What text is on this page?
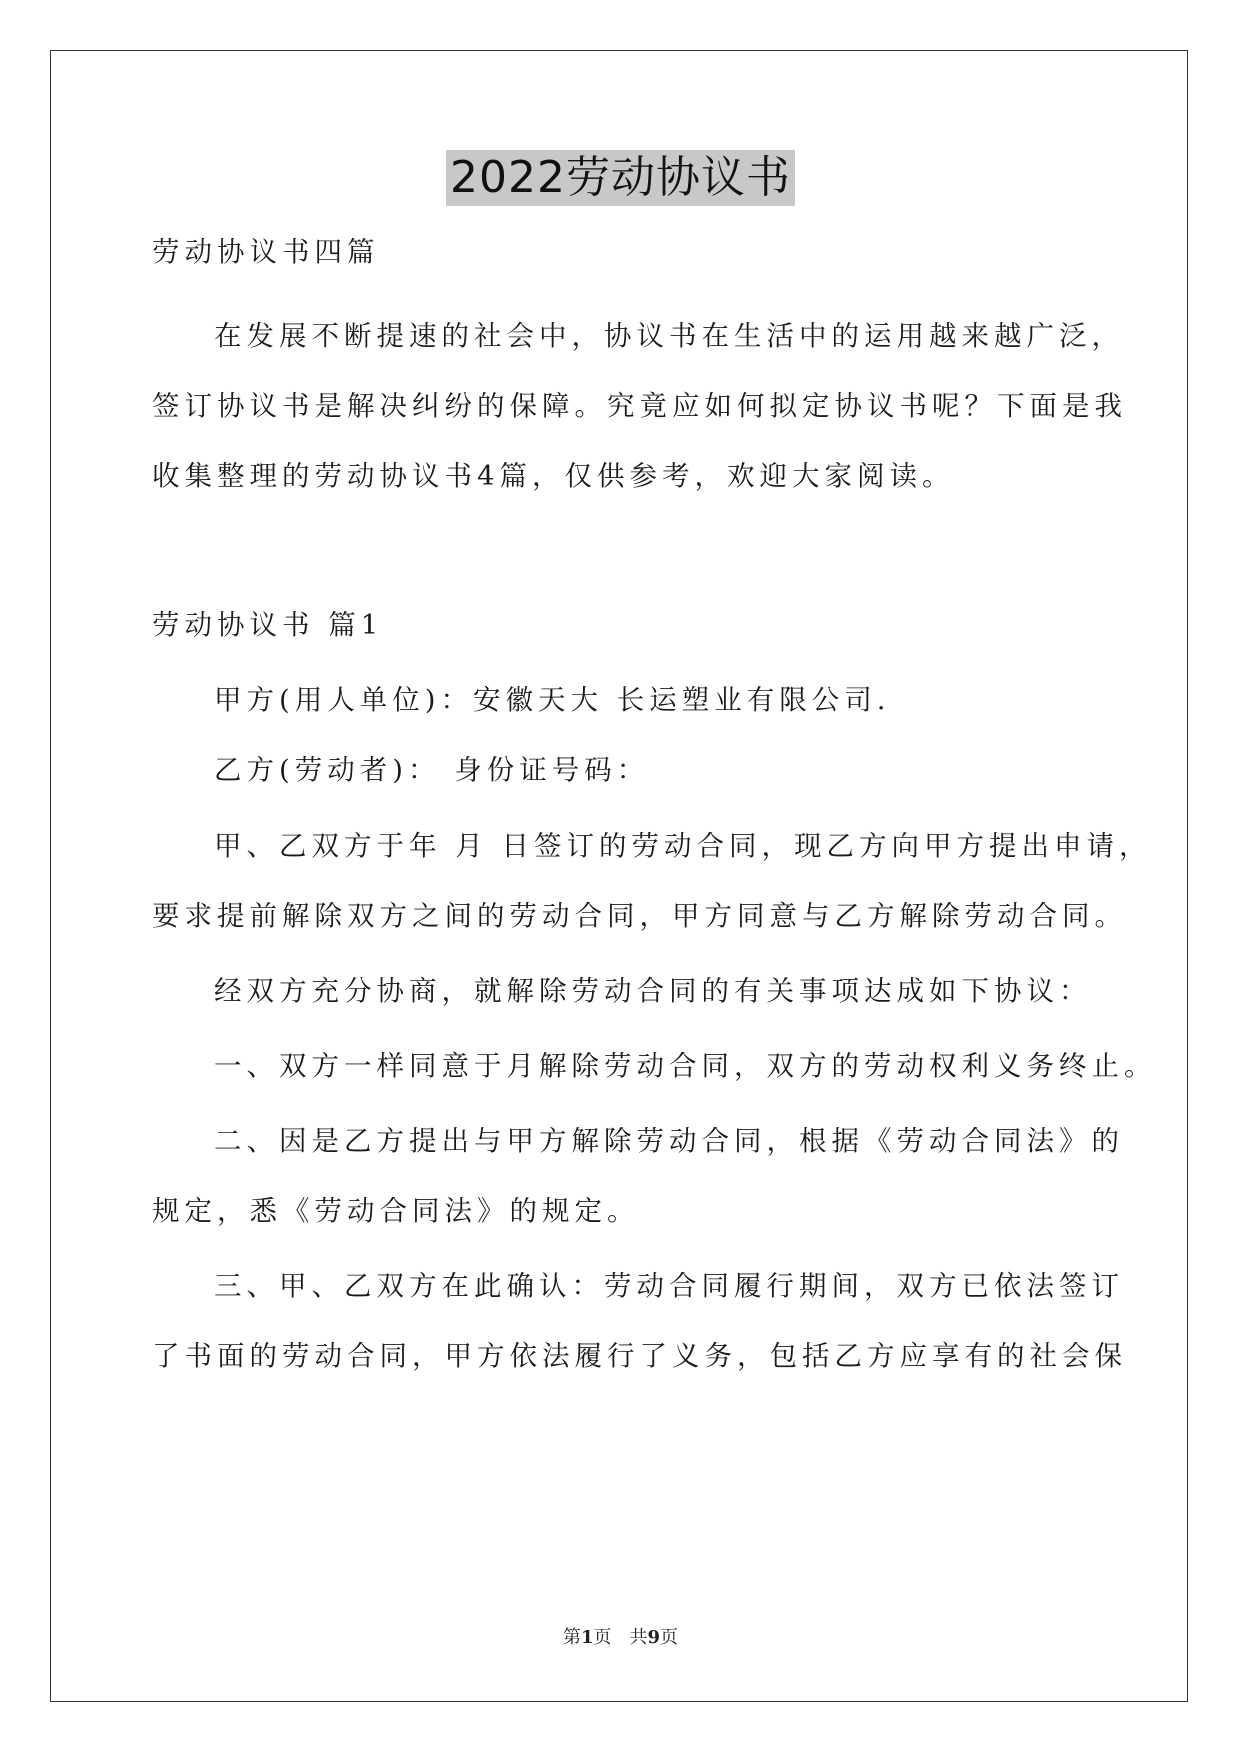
2022劳动协议书

劳动协议书四篇

在发展不断提速的社会中，协议书在生活中的运用越来越广泛，

签订协议书是解决纠纷的保障。究竟应如何拟定协议书呢？下面是我

收集整理的劳动协议书4篇，仅供参考，欢迎大家阅读。

劳动协议书 篇1

甲方(用人单位)：安徽天大 长运塑业有限公司.

乙方(劳动者)： 身份证号码：

甲、乙双方于年 月 日签订的劳动合同，现乙方向甲方提出申请，

要求提前解除双方之间的劳动合同，甲方同意与乙方解除劳动合同。

经双方充分协商，就解除劳动合同的有关事项达成如下协议：

一、双方一样同意于月解除劳动合同，双方的劳动权利义务终止。

二、因是乙方提出与甲方解除劳动合同，根据《劳动合同法》的

规定，悉《劳动合同法》的规定。

三、甲、乙双方在此确认：劳动合同履行期间，双方已依法签订

了书面的劳动合同，甲方依法履行了义务，包括乙方应享有的社会保

第1页 共9页
